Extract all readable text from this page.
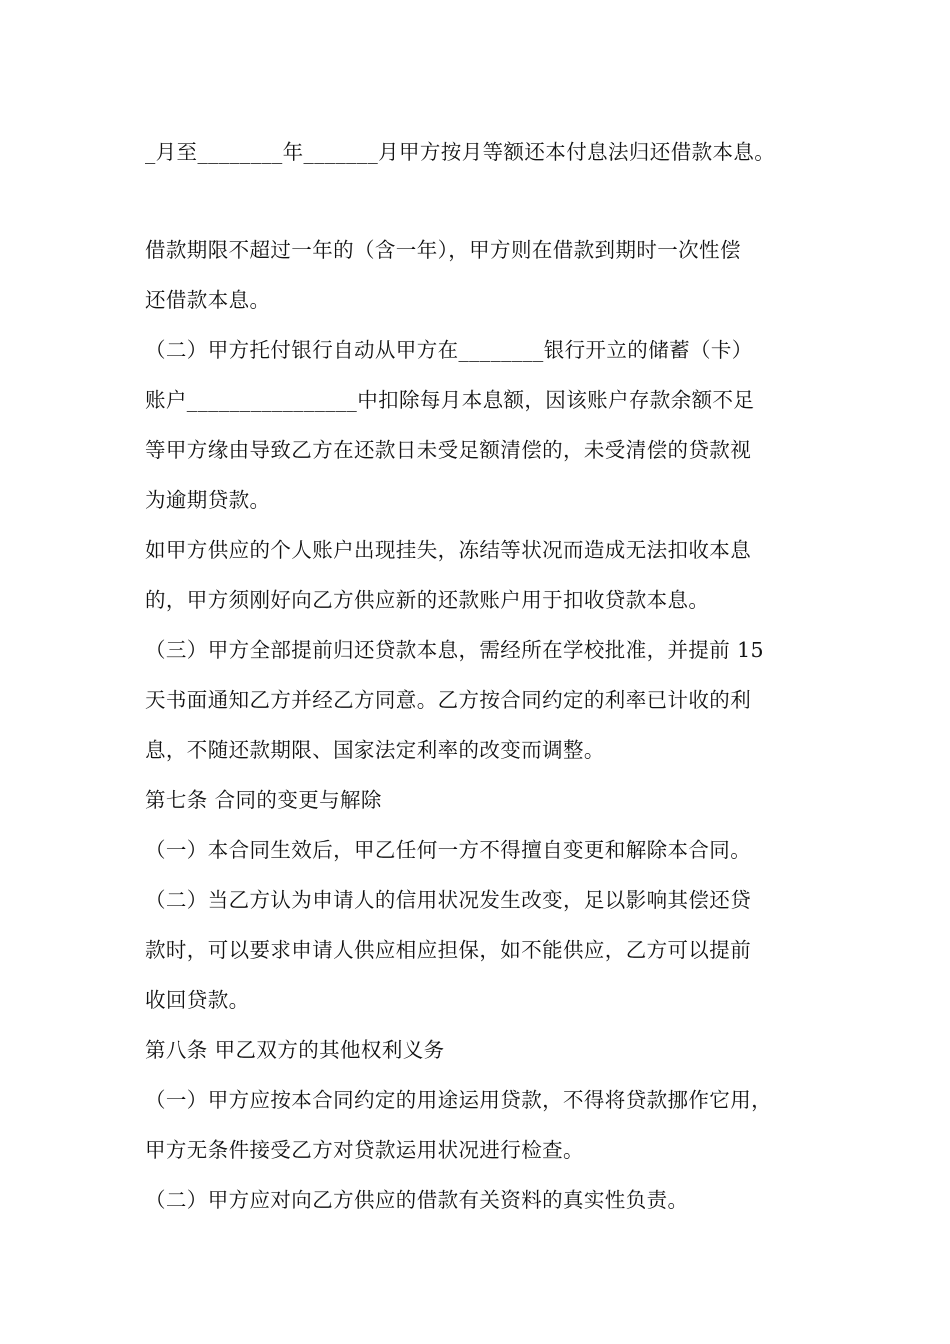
_月至________年_______月甲方按月等额还本付息法归还借款本息。
借款期限不超过一年的（含一年），甲方则在借款到期时一次性偿
还借款本息。
（二）甲方托付银行自动从甲方在________银行开立的储蓄（卡）
账户________________中扣除每月本息额，因该账户存款余额不足
等甲方缘由导致乙方在还款日未受足额清偿的，未受清偿的贷款视
为逾期贷款。
如甲方供应的个人账户出现挂失，冻结等状况而造成无法扣收本息
的，甲方须刚好向乙方供应新的还款账户用于扣收贷款本息。
（三）甲方全部提前归还贷款本息，需经所在学校批准，并提前 15
天书面通知乙方并经乙方同意。乙方按合同约定的利率已计收的利
息，不随还款期限、国家法定利率的改变而调整。
第七条 合同的变更与解除
（一）本合同生效后，甲乙任何一方不得擅自变更和解除本合同。
（二）当乙方认为申请人的信用状况发生改变，足以影响其偿还贷
款时，可以要求申请人供应相应担保，如不能供应，乙方可以提前
收回贷款。
第八条 甲乙双方的其他权利义务
（一）甲方应按本合同约定的用途运用贷款，不得将贷款挪作它用，
甲方无条件接受乙方对贷款运用状况进行检查。
（二）甲方应对向乙方供应的借款有关资料的真实性负责。
